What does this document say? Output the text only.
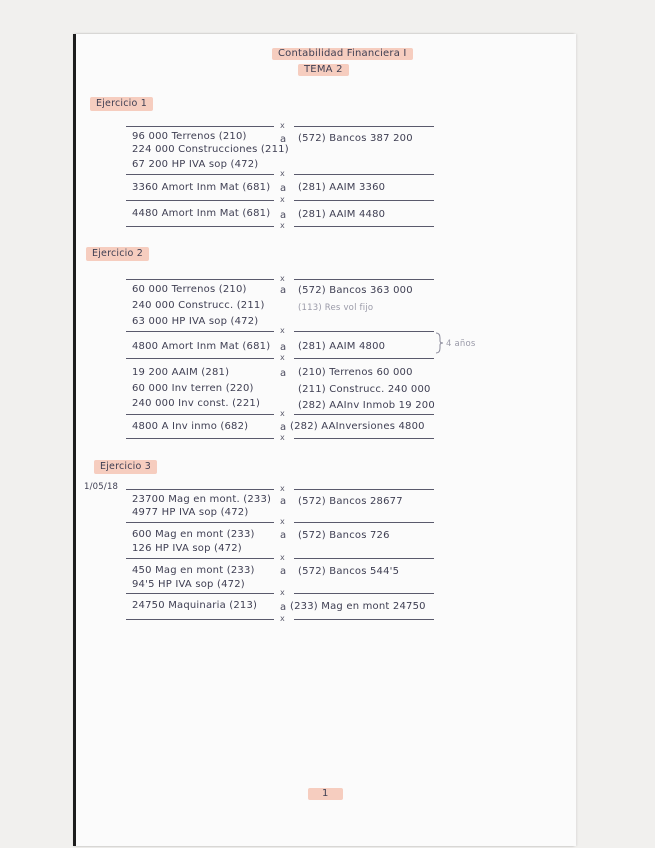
Contabilidad Financiera I
TEMA 2
Ejercicio 1
x
96 000 Terrenos (210)	a (572) Bancos 387 200
224 000 Construcciones (211)
67 200 HP IVA sop (472)
x
3360 Amort Inm Mat (681) a (281) AAIM 3360
x
4480 Amort Inm Mat (681) a (281) AAIM 4480
x
Ejercicio 2
x
60 000 Terrenos (210)	a (572) Bancos 363 000
240 000 Construcc. (211)	(113) Res vol fijo
63 000 HP IVA sop (472)
x
4800 Amort Inm Mat (681) a (281) AAIM 4800	4 años
x
19 200 AAIM (281)	a (210) Terrenos 60 000
60 000 Inv terren (220)	(211) Construcc. 240 000
240 000 Inv const. (221)	(282) AAInv Inmob 19 200
x
4800 A Inv inmo (682)	a (282) AAInversiones 4800
x
Ejercicio 3
1/05/18	x
23700 Mag en mont. (233) a (572) Bancos 28677
4977 HP IVA sop (472)
x
600 Mag en mont (233)	a (572) Bancos 726
126 HP IVA sop (472)
x
450 Mag en mont (233)	a (572) Bancos 544'5
94'5 HP IVA sop (472)
x
24750 Maquinaria (213) a (233) Mag en mont 24750
x
1
